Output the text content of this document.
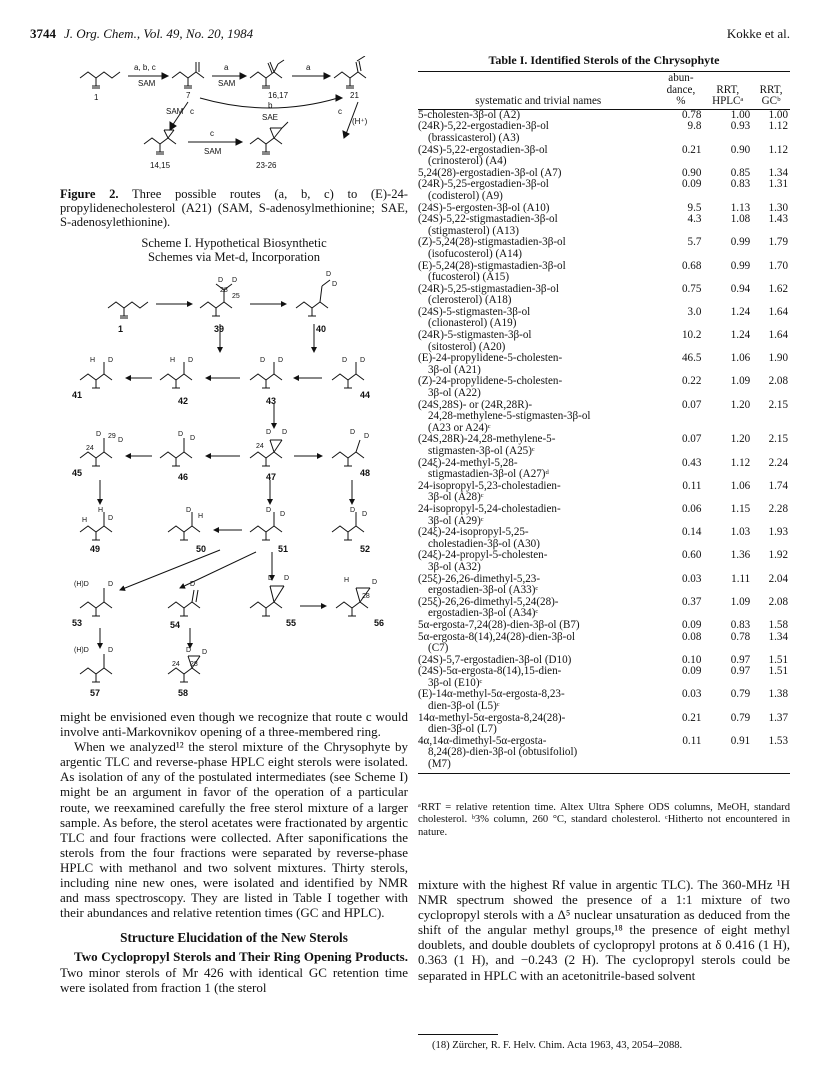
3744 J. Org. Chem., Vol. 49, No. 20, 1984	Kokke et al.
a, b, c
SAM
a
SAM
a
1	7	16,17	21
b
SAE
SAM c	c
(H⁺)
c
SAM
14,15	23-26
Figure 2. Three possible routes (a, b, c) to (E)-24-propylidenecholesterol (A21) (SAM, S-adenosylmethionine; SAE, S-adenosylethionine).
Scheme I. Hypothetical Biosynthetic
Schemes via Met-d, Incorporation
1	39	40
41
42	43
44
45	46	47	48
49	50	51	52
53	54	55	56
57	58
D D
28
25
D
D
H D	H D	D D	D D
D 29
D
24
D
D
D D
24
D
D
H
H	D
D
H
D
D
D
D
(H)D	D	D
D D	H	D
28
(H)D	D	D D
28
24

might be envisioned even though we recognize that route c would involve anti-Markovnikov opening of a three-membered ring.

When we analyzed¹² the sterol mixture of the Chrysophyte by argentic TLC and reverse-phase HPLC eight sterols were isolated. As isolation of any of the postulated intermediates (see Scheme I) might be an argument in favor of the operation of a particular route, we reexamined carefully the free sterol mixture of a larger sample. As before, the sterol acetates were fractionated by argentic TLC and four fractions were collected. After saponifications the sterols from the four fractions were separated by reverse-phase HPLC with methanol and two solvent mixtures. Thirty sterols, including nine new ones, were isolated and identified by NMR and mass spectroscopy. They are listed in Table I together with their abundances and relative retention times (GC and HPLC).

Structure Elucidation of the New Sterols

Two Cyclopropyl Sterols and Their Ring Opening Products. Two minor sterols of Mr 426 with identical GC retention time were isolated from fraction 1 (the sterol

Table I. Identified Sterols of the Chrysophyte
systematic and trivial names	abun-
dance,
%	RRT,
HPLCᵃ	RRT,
GCᵇ

5-cholesten-3β-ol (A2)	0.78	1.00	1.00

(24R)-5,22-ergostadien-3β-ol
(brassicasterol) (A3)	9.8	0.93	1.12

(24S)-5,22-ergostadien-3β-ol
(crinosterol) (A4)	0.21	0.90	1.12

5,24(28)-ergostadien-3β-ol (A7)	0.90	0.85	1.34

(24R)-5,25-ergostadien-3β-ol
(codisterol) (A9)	0.09	0.83	1.31

(24S)-5-ergosten-3β-ol (A10)	9.5	1.13	1.30

(24S)-5,22-stigmastadien-3β-ol
(stigmasterol) (A13)	4.3	1.08	1.43

(Z)-5,24(28)-stigmastadien-3β-ol
(isofucosterol) (A14)	5.7	0.99	1.79

(E)-5,24(28)-stigmastadien-3β-ol
(fucosterol) (A15)	0.68	0.99	1.70

(24R)-5,25-stigmastadien-3β-ol
(clerosterol) (A18)	0.75	0.94	1.62

(24S)-5-stigmasten-3β-ol
(clionasterol) (A19)	3.0	1.24	1.64

(24R)-5-stigmasten-3β-ol
(sitosterol) (A20)	10.2	1.24	1.64

(E)-24-propylidene-5-cholesten-
3β-ol (A21)	46.5	1.06	1.90

(Z)-24-propylidene-5-cholesten-
3β-ol (A22)	0.22	1.09	2.08

(24S,28S)- or (24R,28R)-
24,28-methylene-5-stigmasten-3β-ol
(A23 or A24)ᶜ	0.07	1.20	2.15

(24S,28R)-24,28-methylene-5-
stigmasten-3β-ol (A25)ᶜ	0.07	1.20	2.15

(24ξ)-24-methyl-5,28-
stigmastadien-3β-ol (A27)ᵈ	0.43	1.12	2.24

24-isopropyl-5,23-cholestadien-
3β-ol (A28)ᶜ	0.11	1.06	1.74

24-isopropyl-5,24-cholestadien-
3β-ol (A29)ᶜ	0.06	1.15	2.28

(24ξ)-24-isopropyl-5,25-
cholestadien-3β-ol (A30)	0.14	1.03	1.93

(24ξ)-24-propyl-5-cholesten-
3β-ol (A32)	0.60	1.36	1.92

(25ξ)-26,26-dimethyl-5,23-
ergostadien-3β-ol (A33)ᶜ	0.03	1.11	2.04

(25ξ)-26,26-dimethyl-5,24(28)-
ergostadien-3β-ol (A34)ᶜ	0.37	1.09	2.08

5α-ergosta-7,24(28)-dien-3β-ol (B7)	0.09	0.83	1.58

5α-ergosta-8(14),24(28)-dien-3β-ol
(C7)	0.08	0.78	1.34

(24S)-5,7-ergostadien-3β-ol (D10)	0.10	0.97	1.51

(24S)-5α-ergosta-8(14),15-dien-
3β-ol (E10)ᶜ	0.09	0.97	1.51

(E)-14α-methyl-5α-ergosta-8,23-
dien-3β-ol (L5)ᶜ	0.03	0.79	1.38

14α-methyl-5α-ergosta-8,24(28)-
dien-3β-ol (L7)	0.21	0.79	1.37

4α,14α-dimethyl-5α-ergosta-
8,24(28)-dien-3β-ol (obtusifoliol)
(M7)	0.11	0.91	1.53
ᵃRRT = relative retention time. Altex Ultra Sphere ODS columns, MeOH, standard cholesterol. ᵇ3% column, 260 °C, standard cholesterol. ᶜHitherto not encountered in nature.
mixture with the highest Rf value in argentic TLC). The 360-MHz ¹H NMR spectrum showed the presence of a 1:1 mixture of two cyclopropyl sterols with a Δ⁵ nuclear unsaturation as deduced from the shift of the angular methyl groups,¹⁸ the presence of eight methyl doublets, and double doublets of cyclopropyl protons at δ 0.416 (1 H), 0.363 (1 H), and −0.243 (2 H). The cyclopropyl sterols could be separated in HPLC with an acetonitrile-based solvent
(18) Zürcher, R. F. Helv. Chim. Acta 1963, 43, 2054–2088.
